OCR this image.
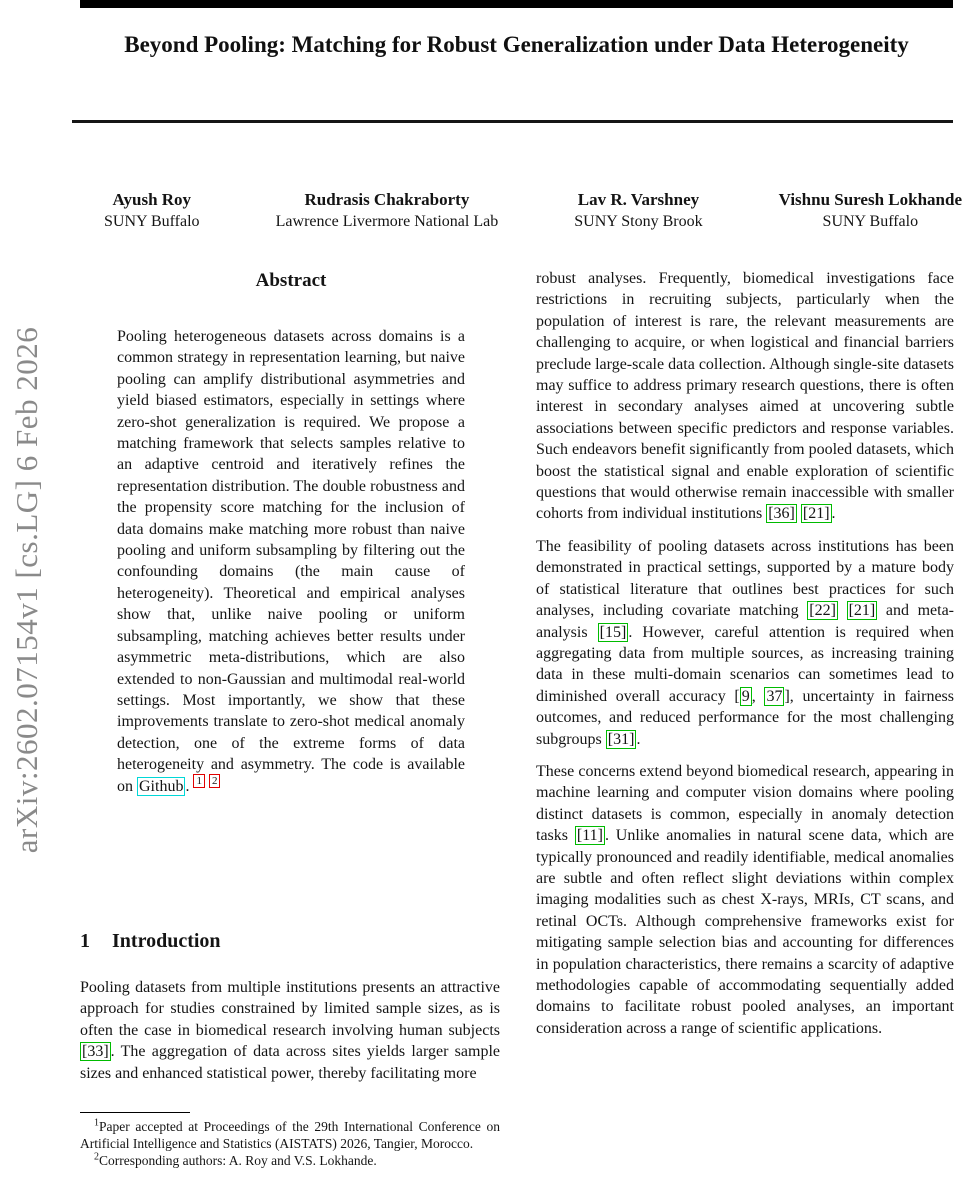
Beyond Pooling: Matching for Robust Generalization under Data Heterogeneity
Ayush Roy
SUNY Buffalo
Rudrasis Chakraborty
Lawrence Livermore National Lab
Lav R. Varshney
SUNY Stony Brook
Vishnu Suresh Lokhande
SUNY Buffalo
arXiv:2602.07154v1 [cs.LG] 6 Feb 2026
Abstract

Pooling heterogeneous datasets across domains is a common strategy in representation learning, but naive pooling can amplify distributional asymmetries and yield biased estimators, especially in settings where zero-shot generalization is required. We propose a matching framework that selects samples relative to an adaptive centroid and iteratively refines the representation distribution. The double robustness and the propensity score matching for the inclusion of data domains make matching more robust than naive pooling and uniform subsampling by filtering out the confounding domains (the main cause of heterogeneity). Theoretical and empirical analyses show that, unlike naive pooling or uniform subsampling, matching achieves better results under asymmetric meta-distributions, which are also extended to non-Gaussian and multimodal real-world settings. Most importantly, we show that these improvements translate to zero-shot medical anomaly detection, one of the extreme forms of data heterogeneity and asymmetry. The code is available on Github . $^1$ $^2$

1 Introduction

Pooling datasets from multiple institutions presents an attractive approach for studies constrained by limited sample sizes, as is often the case in biomedical research involving human subjects [33] . The aggregation of data across sites yields larger sample sizes and enhanced statistical power, thereby facilitating more

$^1$Paper accepted at Proceedings of the 29th International Conference on Artificial Intelligence and Statistics (AISTATS) 2026, Tangier, Morocco.

$^2$Corresponding authors: A. Roy and V.S. Lokhande.

robust analyses. Frequently, biomedical investigations face restrictions in recruiting subjects, particularly when the population of interest is rare, the relevant measurements are challenging to acquire, or when logistical and financial barriers preclude large-scale data collection. Although single-site datasets may suffice to address primary research questions, there is often interest in secondary analyses aimed at uncovering subtle associations between specific predictors and response variables. Such endeavors benefit significantly from pooled datasets, which boost the statistical signal and enable exploration of scientific questions that would otherwise remain inaccessible with smaller cohorts from individual institutions [36] [21] .

The feasibility of pooling datasets across institutions has been demonstrated in practical settings, supported by a mature body of statistical literature that outlines best practices for such analyses, including covariate matching [22] [21] and meta-analysis [15] . However, careful attention is required when aggregating data from multiple sources, as increasing training data in these multi-domain scenarios can sometimes lead to diminished overall accuracy [ 9 , 37 ], uncertainty in fairness outcomes, and reduced performance for the most challenging subgroups [31] .

These concerns extend beyond biomedical research, appearing in machine learning and computer vision domains where pooling distinct datasets is common, especially in anomaly detection tasks [11] . Unlike anomalies in natural scene data, which are typically pronounced and readily identifiable, medical anomalies are subtle and often reflect slight deviations within complex imaging modalities such as chest X-rays, MRIs, CT scans, and retinal OCTs. Although comprehensive frameworks exist for mitigating sample selection bias and accounting for differences in population characteristics, there remains a scarcity of adaptive methodologies capable of accommodating sequentially added domains to facilitate robust pooled analyses, an important consideration across a range of scientific applications.
